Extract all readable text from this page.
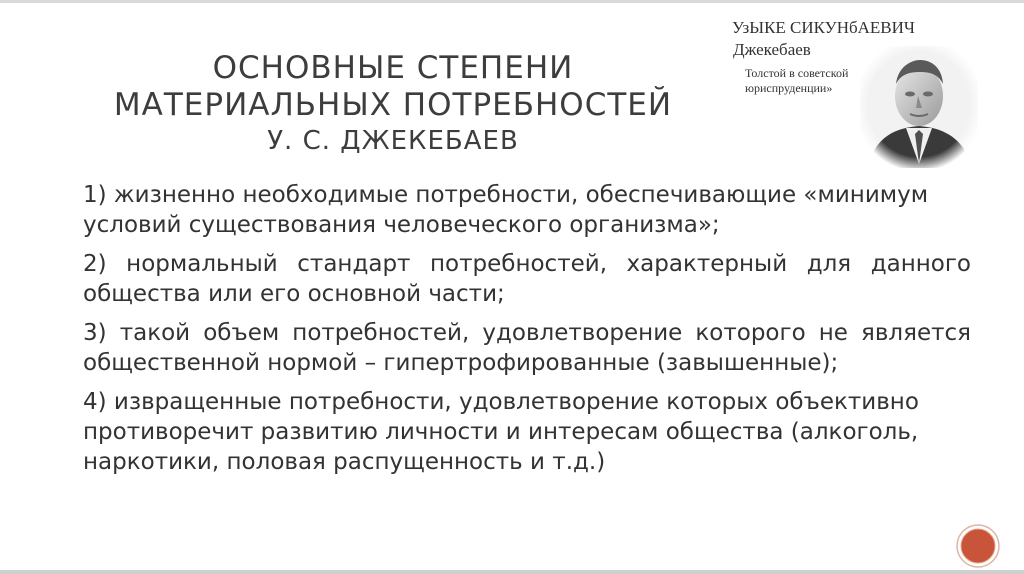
ОСНОВНЫЕ СТЕПЕНИ
МАТЕРИАЛЬНЫХ ПОТРЕБНОСТЕЙ
У. С. ДЖЕКЕБАЕВ
УзЫКЕ СИКУНбАЕВИЧ
Джекебаев
Толстой в советской юриспруденции»

1) жизненно необходимые потребности, обеспечивающие «минимум условий существования человеческого организма»;

2) нормальный стандарт потребностей, характерный для данного общества или его основной части;

3) такой объем потребностей, удовлетворение которого не является общественной нормой – гипертрофированные (завышенные);

4) извращенные потребности, удовлетворение которых объективно противоречит развитию личности и интересам общества (алкоголь, наркотики, половая распущенность и т.д.)
